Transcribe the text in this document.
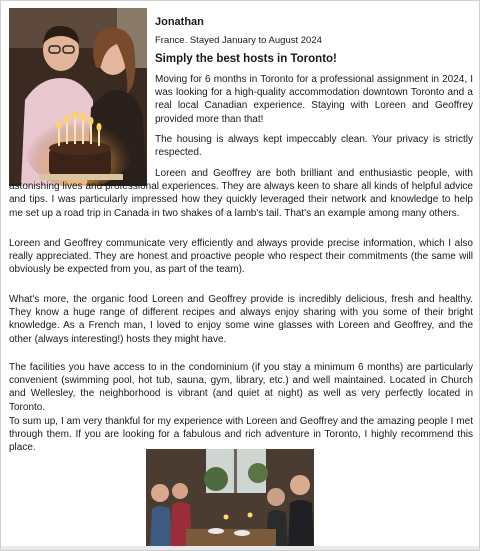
Jonathan
France. Stayed January to August 2024
Simply the best hosts in Toronto!

Moving for 6 months in Toronto for a professional assignment in 2024, I was looking for a high-quality accommodation downtown Toronto and a real local Canadian experience. Staying with Loreen and Geoffrey provided more than that!

The housing is always kept impeccably clean. Your privacy is strictly respected.

Loreen and Geoffrey are both brilliant and enthusiastic people, with astonishing lives and professional experiences. They are always keen to share all kinds of helpful advice and tips. I was particularly impressed how they quickly leveraged their network and knowledge to help me set up a road trip in Canada in two shakes of a lamb's tail. That's an example among many others.

Loreen and Geoffrey communicate very efficiently and always provide precise information, which I also really appreciated. They are honest and proactive people who respect their commitments (the same will obviously be expected from you, as part of the team).

What's more, the organic food Loreen and Geoffrey provide is incredibly delicious, fresh and healthy. They know a huge range of different recipes and always enjoy sharing with you some of their bright knowledge. As a French man, I loved to enjoy some wine glasses with Loreen and Geoffrey, and the other (always interesting!) hosts they might have.

The facilities you have access to in the condominium (if you stay a minimum 6 months) are particularly convenient (swimming pool, hot tub, sauna, gym, library, etc.) and well maintained. Located in Church and Wellesley, the neighborhood is vibrant (and quiet at night) as well as very perfectly located in Toronto.

To sum up, I am very thankful for my experience with Loreen and Geoffrey and the amazing people I met through them. If you are looking for a fabulous and rich adventure in Toronto, I highly recommend this place.
